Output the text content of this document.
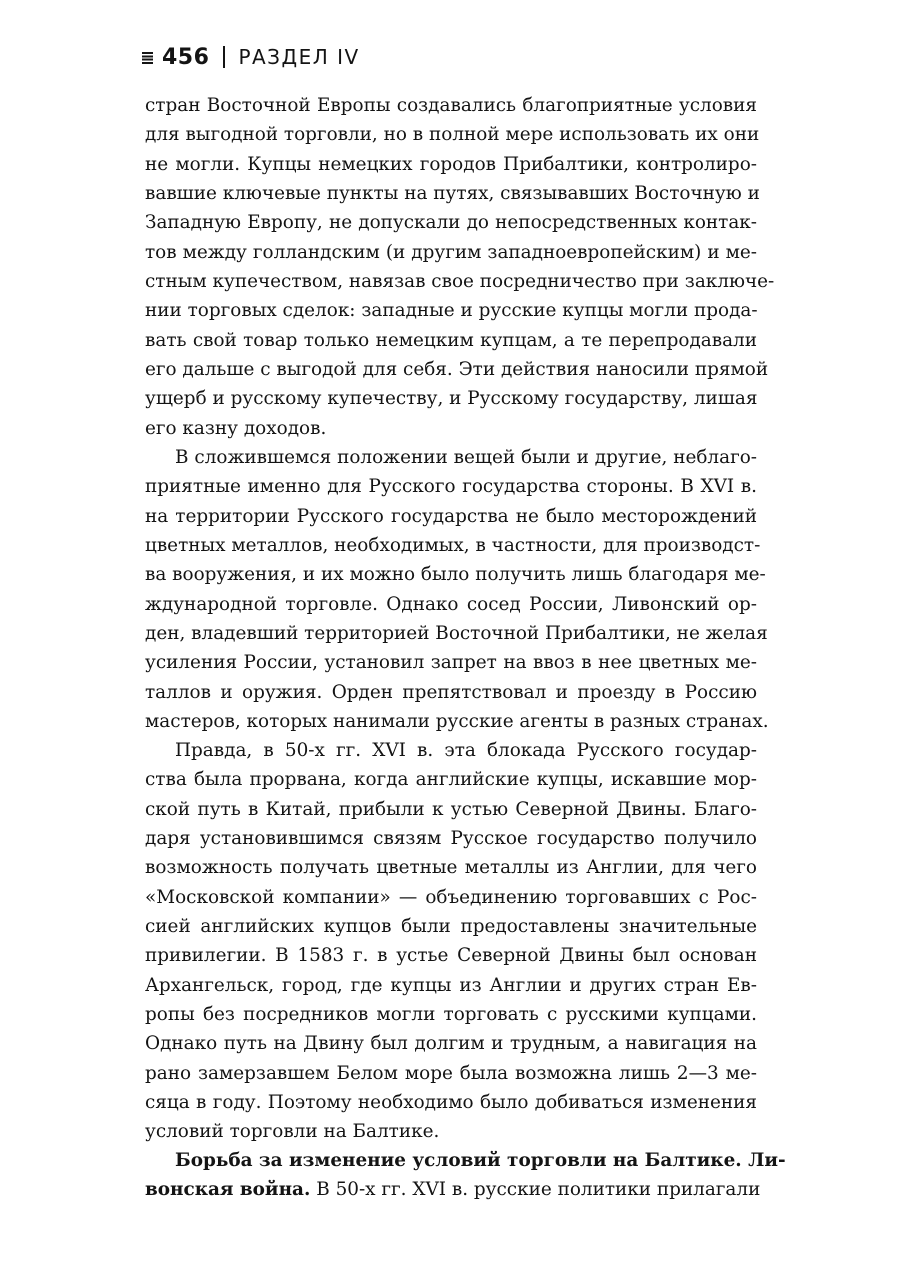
456 РАЗДЕЛ IV

стран Восточной Европы создавались благоприятные условия
для выгодной торговли, но в полной мере использовать их они
не могли. Купцы немецких городов Прибалтики, контролиро-
вавшие ключевые пункты на путях, связывавших Восточную и
Западную Европу, не допускали до непосредственных контак-
тов между голландским (и другим западноевропейским) и ме-
стным купечеством, навязав свое посредничество при заключе-
нии торговых сделок: западные и русские купцы могли прода-
вать свой товар только немецким купцам, а те перепродавали
его дальше с выгодой для себя. Эти действия наносили прямой
ущерб и русскому купечеству, и Русскому государству, лишая
его казну доходов.

В сложившемся положении вещей были и другие, неблаго-
приятные именно для Русского государства стороны. В XVI в.
на территории Русского государства не было месторождений
цветных металлов, необходимых, в частности, для производст-
ва вооружения, и их можно было получить лишь благодаря ме-
ждународной торговле. Однако сосед России, Ливонский ор-
ден, владевший территорией Восточной Прибалтики, не желая
усиления России, установил запрет на ввоз в нее цветных ме-
таллов и оружия. Орден препятствовал и проезду в Россию
мастеров, которых нанимали русские агенты в разных странах.

Правда, в 50-х гг. XVI в. эта блокада Русского государ-
ства была прорвана, когда английские купцы, искавшие мор-
ской путь в Китай, прибыли к устью Северной Двины. Благо-
даря установившимся связям Русское государство получило
возможность получать цветные металлы из Англии, для чего
«Московской компании» — объединению торговавших с Рос-
сией английских купцов были предоставлены значительные
привилегии. В 1583 г. в устье Северной Двины был основан
Архангельск, город, где купцы из Англии и других стран Ев-
ропы без посредников могли торговать с русскими купцами.
Однако путь на Двину был долгим и трудным, а навигация на
рано замерзавшем Белом море была возможна лишь 2—3 ме-
сяца в году. Поэтому необходимо было добиваться изменения
условий торговли на Балтике.

Борьба за изменение условий торговли на Балтике. Ли-
вонская война. В 50-х гг. XVI в. русские политики прилагали
